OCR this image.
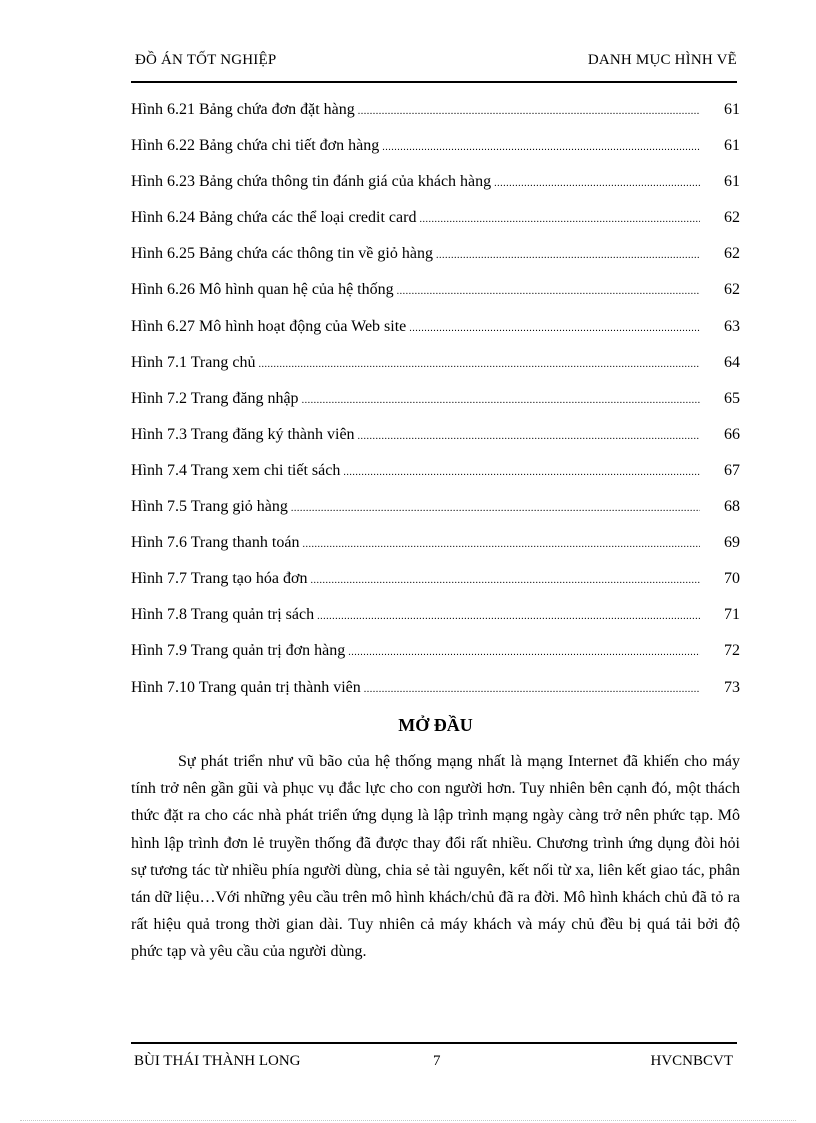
ĐỒ ÁN TỐT NGHIỆP	DANH MỤC HÌNH VẼ
Hình 6.21 Bảng chứa đơn đặt hàng .....	61
Hình 6.22 Bảng chứa chi tiết đơn hàng .....	61
Hình 6.23 Bảng chứa thông tin đánh giá của khách hàng .....	61
Hình 6.24 Bảng chứa các thể loại credit card .....	62
Hình 6.25 Bảng chứa các thông tin về giỏ hàng .....	62
Hình 6.26 Mô hình quan hệ của hệ thống .....	62
Hình 6.27 Mô hình hoạt động của Web site .....	63
Hình 7.1 Trang chủ .....	64
Hình 7.2 Trang đăng nhập .....	65
Hình 7.3 Trang đăng ký thành viên .....	66
Hình 7.4 Trang xem chi tiết sách .....	67
Hình 7.5 Trang giỏ hàng .....	68
Hình 7.6 Trang thanh toán .....	69
Hình 7.7 Trang tạo hóa đơn .....	70
Hình 7.8 Trang quản trị sách .....	71
Hình 7.9 Trang quản trị đơn hàng .....	72
Hình 7.10 Trang quản trị thành viên .....	73
MỞ ĐẦU
Sự phát triển như vũ bão của hệ thống mạng nhất là mạng Internet đã khiến cho máy tính trở nên gần gũi và phục vụ đắc lực cho con người hơn. Tuy nhiên bên cạnh đó, một thách thức đặt ra cho các nhà phát triển ứng dụng là lập trình mạng ngày càng trở nên phức tạp. Mô hình lập trình đơn lẻ truyền thống đã được thay đổi rất nhiều. Chương trình ứng dụng đòi hỏi sự tương tác từ nhiều phía người dùng, chia sẻ tài nguyên, kết nối từ xa, liên kết giao tác, phân tán dữ liệu…Với những yêu cầu trên mô hình khách/chủ đã ra đời. Mô hình khách chủ đã tỏ ra rất hiệu quả trong thời gian dài. Tuy nhiên cả máy khách và máy chủ đều bị quá tải bởi độ phức tạp và yêu cầu của người dùng.
BÙI THÁI THÀNH LONG	7	HVCNBCVT
